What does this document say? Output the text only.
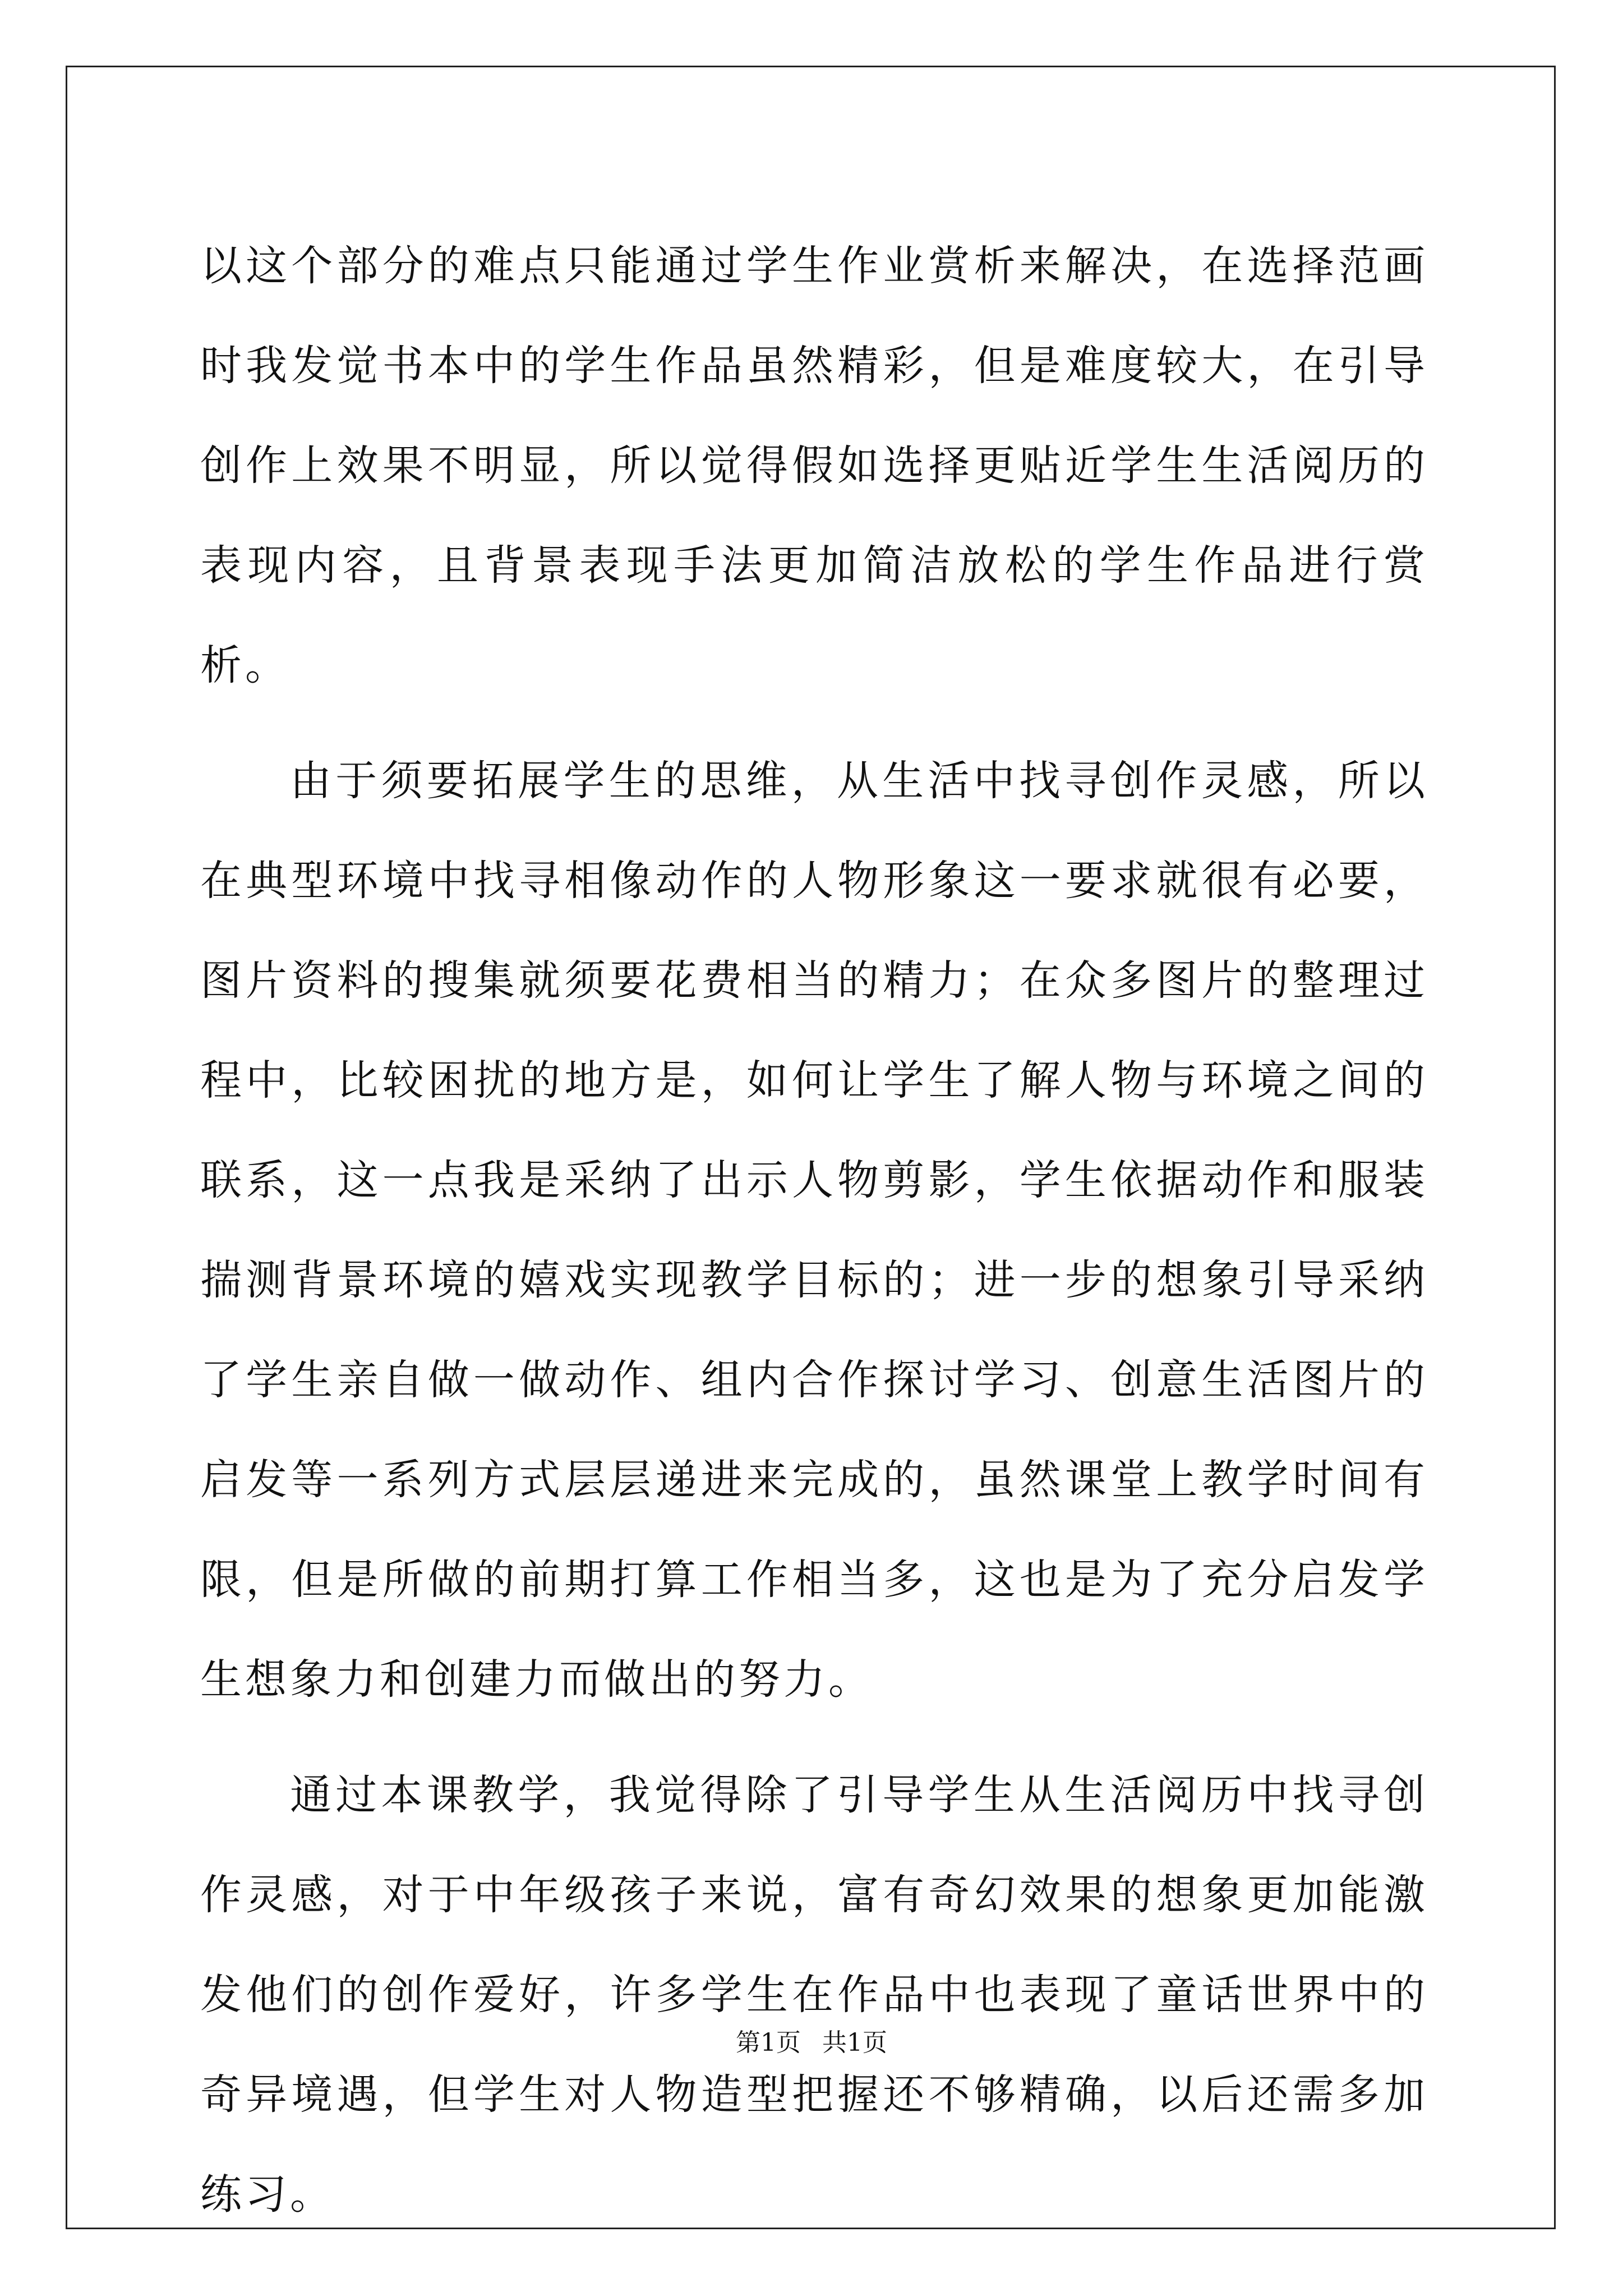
以这个部分的难点只能通过学生作业赏析来解决，在选择范画时我发觉书本中的学生作品虽然精彩，但是难度较大，在引导创作上效果不明显，所以觉得假如选择更贴近学生生活阅历的表现内容，且背景表现手法更加简洁放松的学生作品进行赏析。

由于须要拓展学生的思维，从生活中找寻创作灵感，所以在典型环境中找寻相像动作的人物形象这一要求就很有必要，图片资料的搜集就须要花费相当的精力；在众多图片的整理过程中，比较困扰的地方是，如何让学生了解人物与环境之间的联系，这一点我是采纳了出示人物剪影，学生依据动作和服装揣测背景环境的嬉戏实现教学目标的；进一步的想象引导采纳了学生亲自做一做动作、组内合作探讨学习、创意生活图片的启发等一系列方式层层递进来完成的，虽然课堂上教学时间有限，但是所做的前期打算工作相当多，这也是为了充分启发学生想象力和创建力而做出的努力。

通过本课教学，我觉得除了引导学生从生活阅历中找寻创作灵感，对于中年级孩子来说，富有奇幻效果的想象更加能激发他们的创作爱好，许多学生在作品中也表现了童话世界中的奇异境遇，但学生对人物造型把握还不够精确，以后还需多加练习。

第1页 共1页
